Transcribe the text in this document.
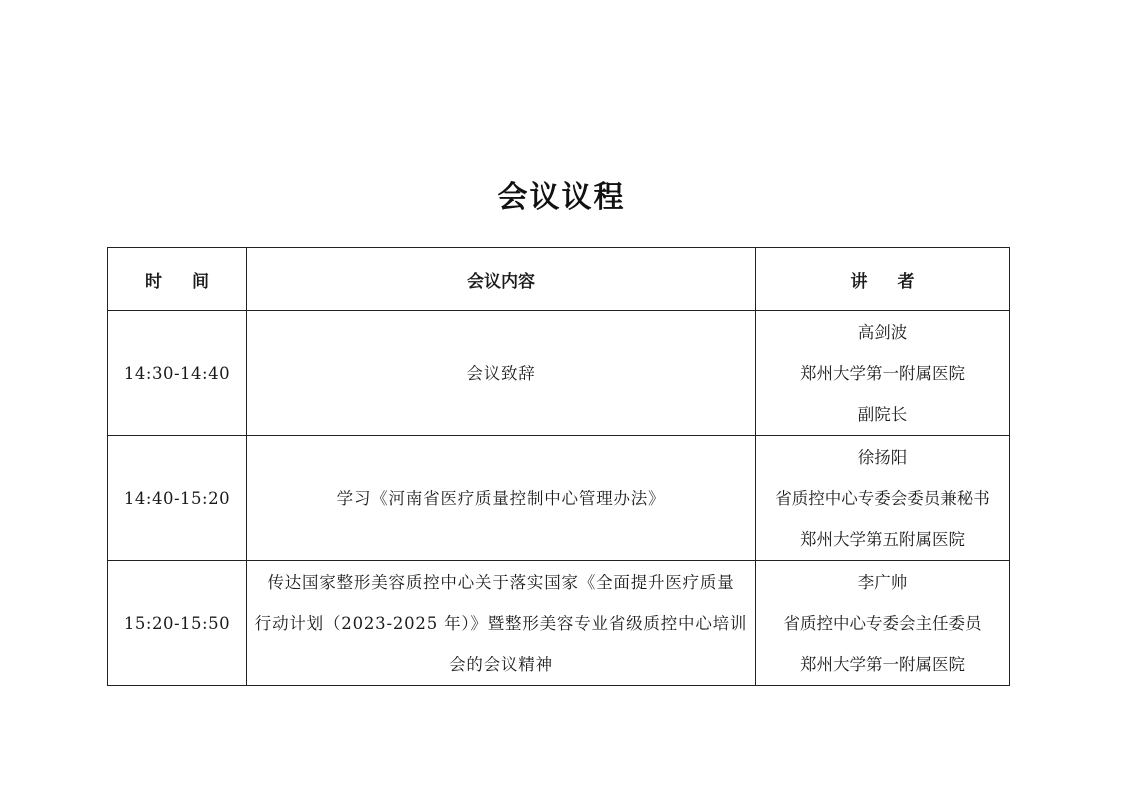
会议议程
时 间	会议内容	讲 者
14:30-14:40	会议致辞	高剑波
郑州大学第一附属医院
副院长

14:40-15:20	学习《河南省医疗质量控制中心管理办法》	徐扬阳
省质控中心专委会委员兼秘书
郑州大学第五附属医院

15:20-15:50	传达国家整形美容质控中心关于落实国家《全面提升医疗质量
行动计划（2023-2025 年）》暨整形美容专业省级质控中心培训
会的会议精神	李广帅
省质控中心专委会主任委员
郑州大学第一附属医院
